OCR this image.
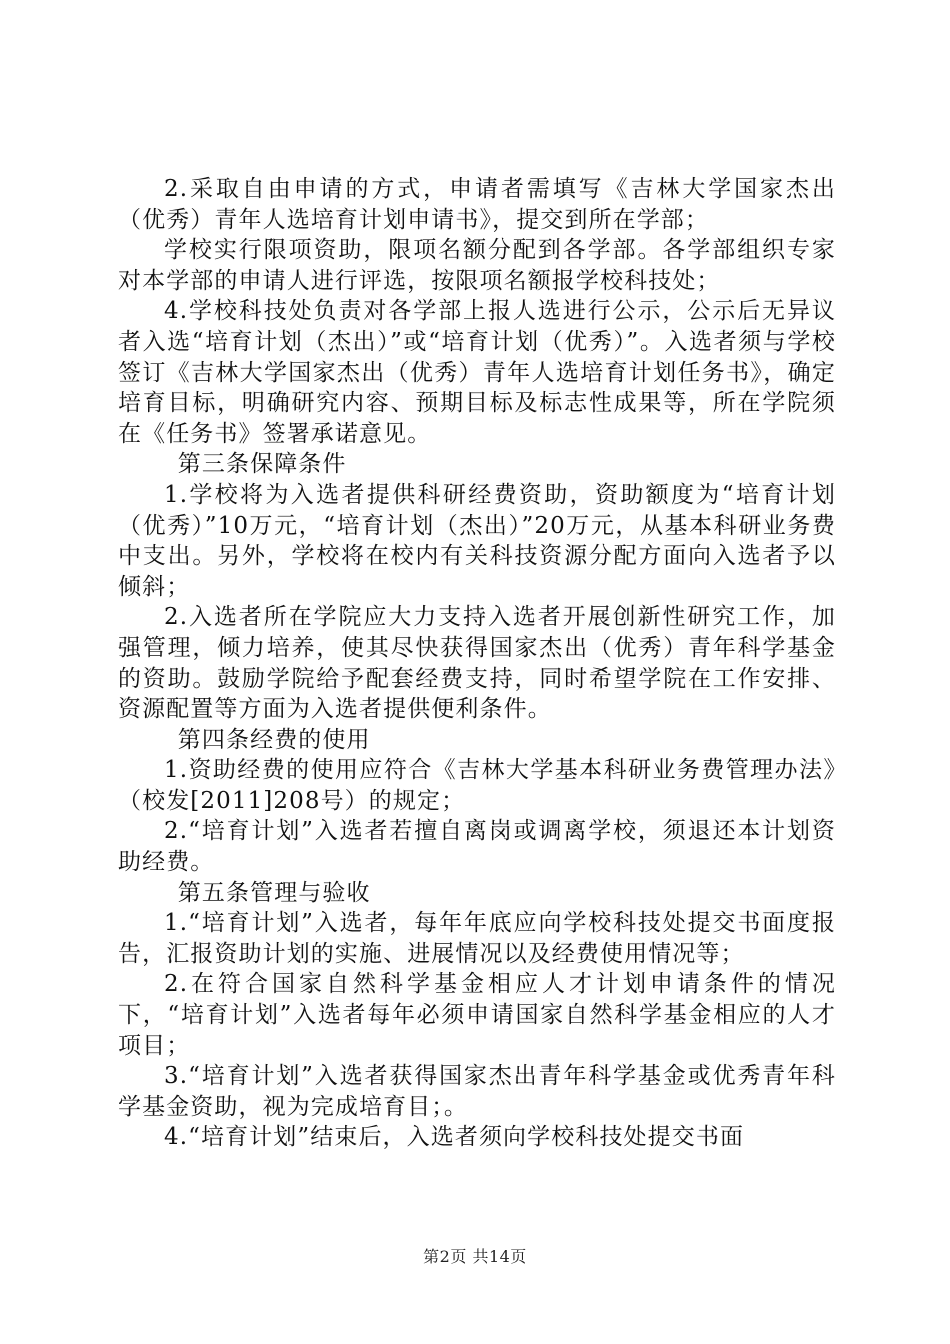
2.采取自由申请的方式，申请者需填写《吉林大学国家杰出（优秀）青年人选培育计划申请书》，提交到所在学部；

学校实行限项资助，限项名额分配到各学部。各学部组织专家对本学部的申请人进行评选，按限项名额报学校科技处；

4.学校科技处负责对各学部上报人选进行公示，公示后无异议者入选“培育计划（杰出）”或“培育计划（优秀）”。入选者须与学校签订《吉林大学国家杰出（优秀）青年人选培育计划任务书》，确定培育目标，明确研究内容、预期目标及标志性成果等，所在学院须在《任务书》签署承诺意见。

第三条保障条件

1.学校将为入选者提供科研经费资助，资助额度为“培育计划（优秀）”10万元，“培育计划（杰出）”20万元，从基本科研业务费中支出。另外，学校将在校内有关科技资源分配方面向入选者予以倾斜；

2.入选者所在学院应大力支持入选者开展创新性研究工作，加强管理，倾力培养，使其尽快获得国家杰出（优秀）青年科学基金的资助。鼓励学院给予配套经费支持，同时希望学院在工作安排、资源配置等方面为入选者提供便利条件。

第四条经费的使用

1.资助经费的使用应符合《吉林大学基本科研业务费管理办法》（校发[2011]208号）的规定；

2.“培育计划”入选者若擅自离岗或调离学校，须退还本计划资助经费。

第五条管理与验收

1.“培育计划”入选者，每年年底应向学校科技处提交书面度报告，汇报资助计划的实施、进展情况以及经费使用情况等；

2.在符合国家自然科学基金相应人才计划申请条件的情况下，“培育计划”入选者每年必须申请国家自然科学基金相应的人才项目；

3.“培育计划”入选者获得国家杰出青年科学基金或优秀青年科学基金资助，视为完成培育目；。

4.“培育计划”结束后，入选者须向学校科技处提交书面

第2页 共14页
